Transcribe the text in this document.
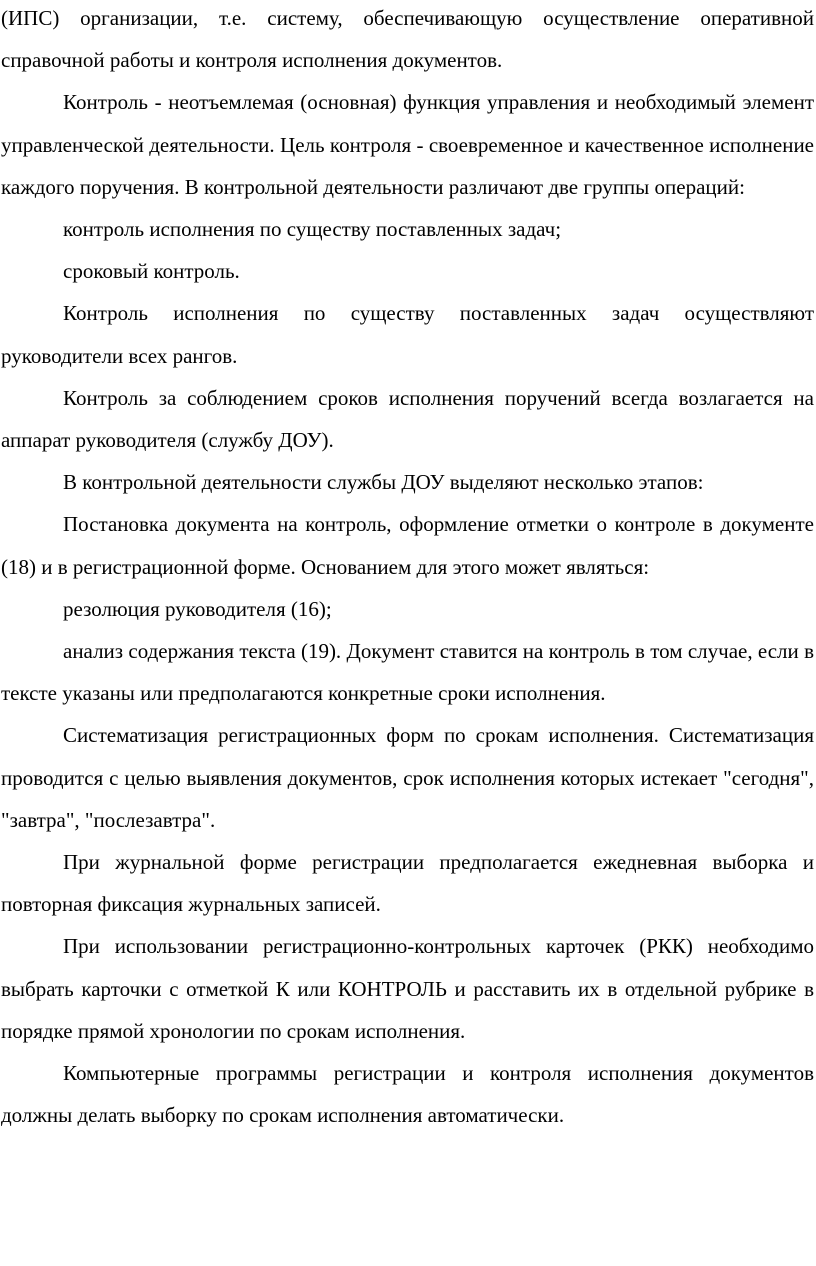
(ИПС) организации, т.е. систему, обеспечивающую осуществление оперативной справочной работы и контроля исполнения документов.

Контроль - неотъемлемая (основная) функция управления и необходимый элемент управленческой деятельности. Цель контроля - своевременное и качественное исполнение каждого поручения. В контрольной деятельности различают две группы операций:

контроль исполнения по существу поставленных задач;

сроковый контроль.

Контроль исполнения по существу поставленных задач осуществляют руководители всех рангов.

Контроль за соблюдением сроков исполнения поручений всегда возлагается на аппарат руководителя (службу ДОУ).

В контрольной деятельности службы ДОУ выделяют несколько этапов:

Постановка документа на контроль, оформление отметки о контроле в документе (18) и в регистрационной форме. Основанием для этого может являться:

резолюция руководителя (16);

анализ содержания текста (19). Документ ставится на контроль в том случае, если в тексте указаны или предполагаются конкретные сроки исполнения.

Систематизация регистрационных форм по срокам исполнения. Систематизация проводится с целью выявления документов, срок исполнения которых истекает "сегодня", "завтра", "послезавтра".

При журнальной форме регистрации предполагается ежедневная выборка и повторная фиксация журнальных записей.

При использовании регистрационно-контрольных карточек (РКК) необходимо выбрать карточки с отметкой К или КОНТРОЛЬ и расставить их в отдельной рубрике в порядке прямой хронологии по срокам исполнения.

Компьютерные программы регистрации и контроля исполнения документов должны делать выборку по срокам исполнения автоматически.
